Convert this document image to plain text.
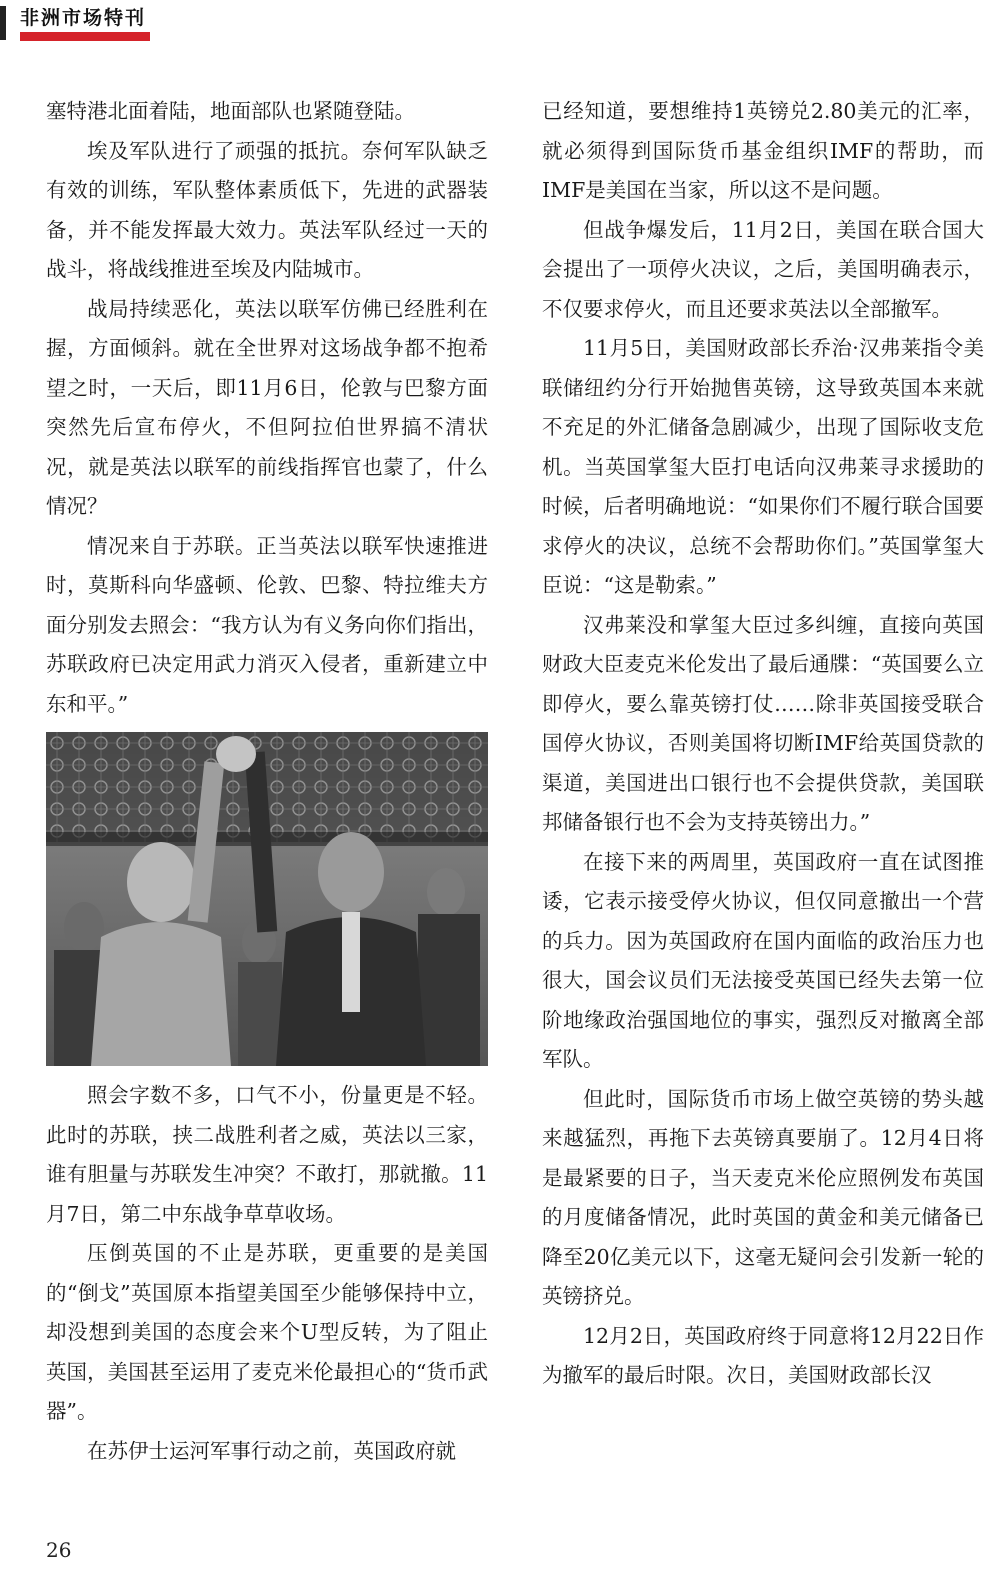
非洲市场特刊

塞特港北面着陆，地面部队也紧随登陆。

埃及军队进行了顽强的抵抗。奈何军队缺乏有效的训练，军队整体素质低下，先进的武器装备，并不能发挥最大效力。英法军队经过一天的战斗，将战线推进至埃及内陆城市。

战局持续恶化，英法以联军仿佛已经胜利在握，方面倾斜。就在全世界对这场战争都不抱希望之时，一天后，即11月6日，伦敦与巴黎方面突然先后宣布停火，不但阿拉伯世界搞不清状况，就是英法以联军的前线指挥官也蒙了，什么情况？

情况来自于苏联。正当英法以联军快速推进时，莫斯科向华盛顿、伦敦、巴黎、特拉维夫方面分别发去照会：“我方认为有义务向你们指出，苏联政府已决定用武力消灭入侵者，重新建立中东和平。”

照会字数不多，口气不小，份量更是不轻。此时的苏联，挟二战胜利者之威，英法以三家，谁有胆量与苏联发生冲突？不敢打，那就撤。11月7日，第二中东战争草草收场。

压倒英国的不止是苏联，更重要的是美国的“倒戈”英国原本指望美国至少能够保持中立，却没想到美国的态度会来个U型反转，为了阻止英国，美国甚至运用了麦克米伦最担心的“货币武器”。

在苏伊士运河军事行动之前，英国政府就

已经知道，要想维持1英镑兑2.80美元的汇率，就必须得到国际货币基金组织IMF的帮助，而IMF是美国在当家，所以这不是问题。

但战争爆发后，11月2日，美国在联合国大会提出了一项停火决议，之后，美国明确表示，不仅要求停火，而且还要求英法以全部撤军。

11月5日，美国财政部长乔治·汉弗莱指令美联储纽约分行开始抛售英镑，这导致英国本来就不充足的外汇储备急剧减少，出现了国际收支危机。当英国掌玺大臣打电话向汉弗莱寻求援助的时候，后者明确地说：“如果你们不履行联合国要求停火的决议，总统不会帮助你们。”英国掌玺大臣说：“这是勒索。”

汉弗莱没和掌玺大臣过多纠缠，直接向英国财政大臣麦克米伦发出了最后通牒：“英国要么立即停火，要么靠英镑打仗……除非英国接受联合国停火协议，否则美国将切断IMF给英国贷款的渠道，美国进出口银行也不会提供贷款，美国联邦储备银行也不会为支持英镑出力。”

在接下来的两周里，英国政府一直在试图推诿，它表示接受停火协议，但仅同意撤出一个营的兵力。因为英国政府在国内面临的政治压力也很大，国会议员们无法接受英国已经失去第一位阶地缘政治强国地位的事实，强烈反对撤离全部军队。

但此时，国际货币市场上做空英镑的势头越来越猛烈，再拖下去英镑真要崩了。12月4日将是最紧要的日子，当天麦克米伦应照例发布英国的月度储备情况，此时英国的黄金和美元储备已降至20亿美元以下，这毫无疑问会引发新一轮的英镑挤兑。

12月2日，英国政府终于同意将12月22日作为撤军的最后时限。次日，美国财政部长汉

26
